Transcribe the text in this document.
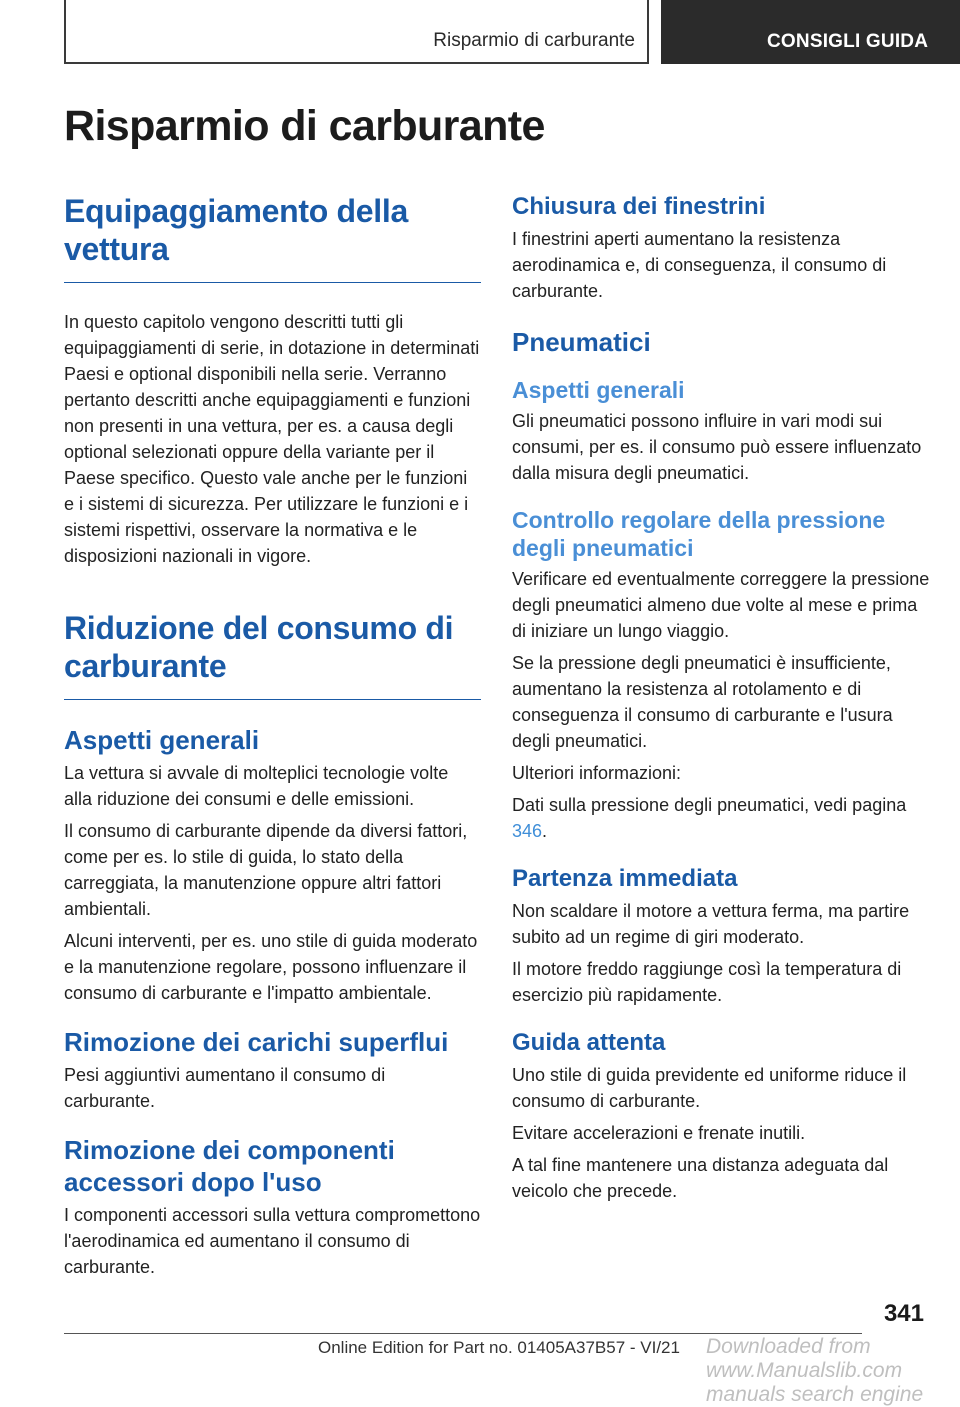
Risparmio di carburante	CONSIGLI GUIDA
Risparmio di carburante
Equipaggiamento della vettura

In questo capitolo vengono descritti tutti gli equipaggiamenti di serie, in dotazione in determinati Paesi e optional disponibili nella serie. Verranno pertanto descritti anche equipaggiamenti e funzioni non presenti in una vettura, per es. a causa degli optional selezionati oppure della variante per il Paese specifico. Questo vale anche per le funzioni e i sistemi di sicurezza. Per utilizzare le funzioni e i sistemi rispettivi, osservare la normativa e le disposizioni nazionali in vigore.

Riduzione del consumo di carburante
Aspetti generali

La vettura si avvale di molteplici tecnologie volte alla riduzione dei consumi e delle emissioni.

Il consumo di carburante dipende da diversi fattori, come per es. lo stile di guida, lo stato della carreggiata, la manutenzione oppure altri fattori ambientali.

Alcuni interventi, per es. uno stile di guida moderato e la manutenzione regolare, possono influenzare il consumo di carburante e l'impatto ambientale.

Rimozione dei carichi superflui

Pesi aggiuntivi aumentano il consumo di carburante.

Rimozione dei componenti accessori dopo l'uso

I componenti accessori sulla vettura compromettono l'aerodinamica ed aumentano il consumo di carburante.

Chiusura dei finestrini

I finestrini aperti aumentano la resistenza aerodinamica e, di conseguenza, il consumo di carburante.

Pneumatici
Aspetti generali

Gli pneumatici possono influire in vari modi sui consumi, per es. il consumo può essere influenzato dalla misura degli pneumatici.

Controllo regolare della pressione degli pneumatici

Verificare ed eventualmente correggere la pressione degli pneumatici almeno due volte al mese e prima di iniziare un lungo viaggio.

Se la pressione degli pneumatici è insufficiente, aumentano la resistenza al rotolamento e di conseguenza il consumo di carburante e l'usura degli pneumatici.

Ulteriori informazioni:

Dati sulla pressione degli pneumatici, vedi pagina 346.

Partenza immediata

Non scaldare il motore a vettura ferma, ma partire subito ad un regime di giri moderato.

Il motore freddo raggiunge così la temperatura di esercizio più rapidamente.

Guida attenta

Uno stile di guida previdente ed uniforme riduce il consumo di carburante.

Evitare accelerazioni e frenate inutili.

A tal fine mantenere una distanza adeguata dal veicolo che precede.

341
Online Edition for Part no. 01405A37B57 - VI/21 Downloaded from www.Manualslib.com manuals search engine
